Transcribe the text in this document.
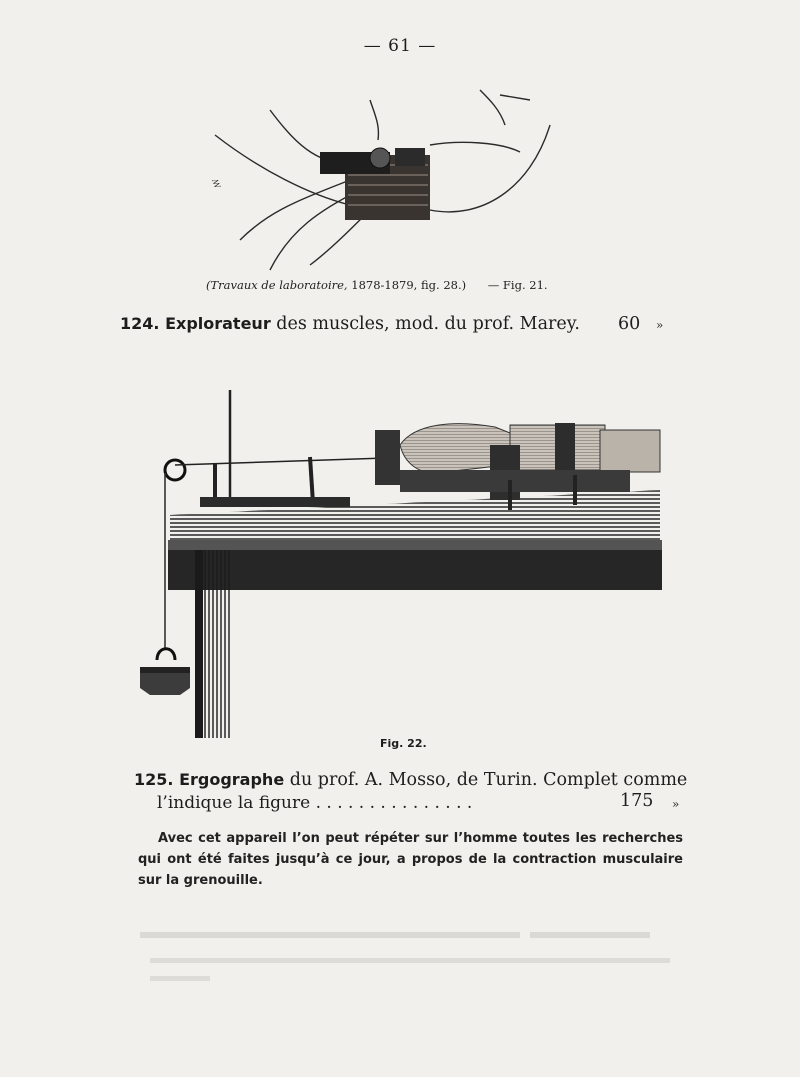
— 61 —
ꟿ
(Travaux de laboratoire, 1878-1879, fig. 28.) — Fig. 21.
124. Explorateur des muscles, mod. du prof. Marey. 60 »
Fig. 22.
125. Ergographe du prof. A. Mosso, de Turin. Complet comme
l’indique la figure . . . . . . . . . . . . . . .	175 »

Avec cet appareil l’on peut répéter sur l’homme toutes les recherches qui ont été faites jusqu’à ce jour, a propos de la contraction musculaire sur la grenouille.
